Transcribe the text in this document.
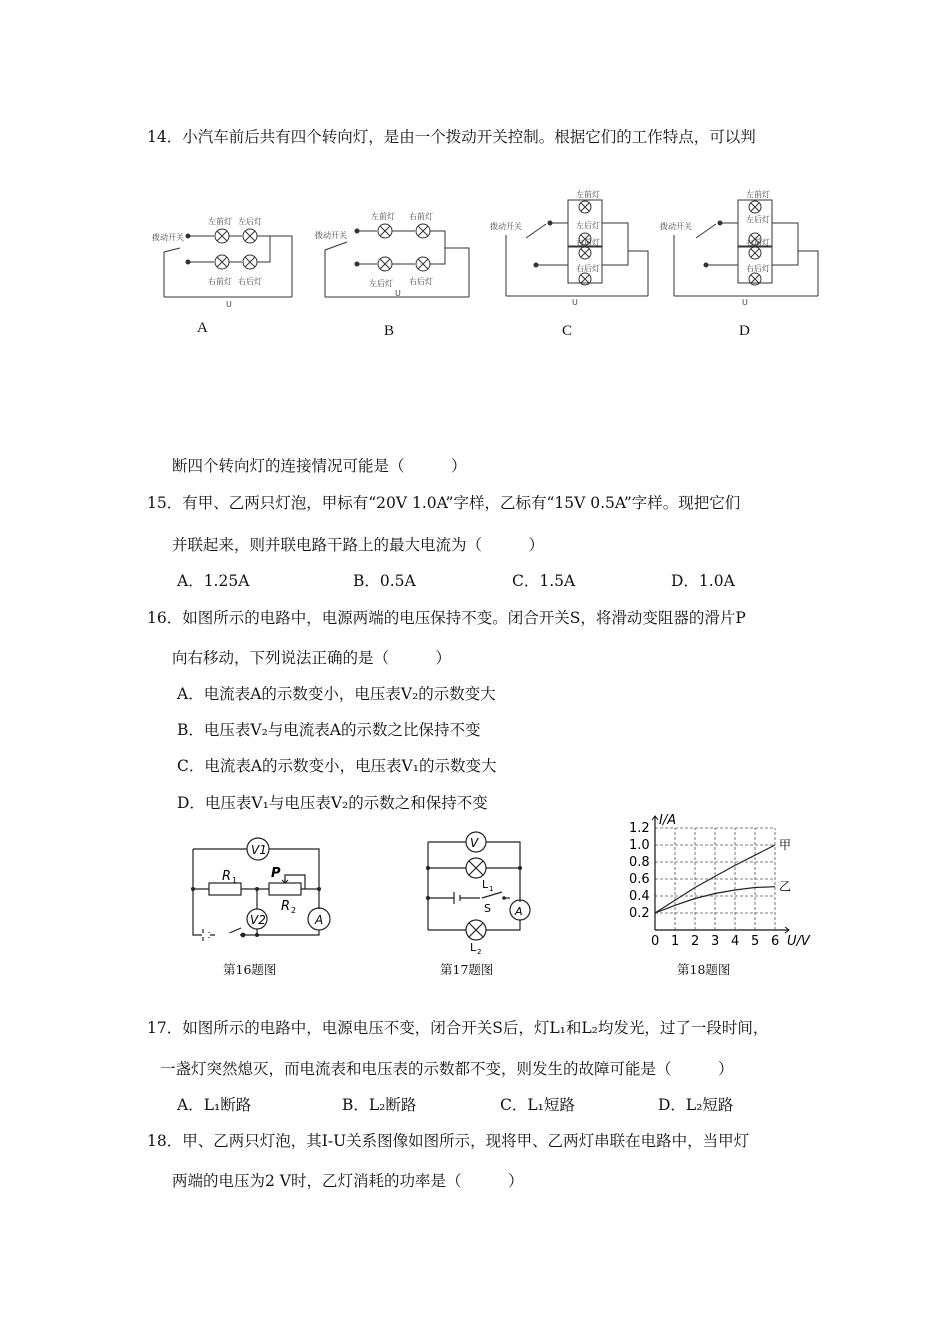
14．小汽车前后共有四个转向灯，是由一个拨动开关控制。根据它们的工作特点，可以判
拨动开关
左前灯 左后灯
右前灯 右后灯
U
拨动开关
左前灯 右前灯
左后灯 右后灯
U
拨动开关
左前灯
左后灯
右前灯
右后灯
U
拨动开关
左前灯
左后灯
右前灯
右后灯
U
A	B	C	D
断四个转向灯的连接情况可能是（　　　）
15．有甲、乙两只灯泡，甲标有“20V 1.0A”字样，乙标有“15V 0.5A”字样。现把它们
并联起来，则并联电路干路上的最大电流为（　　　）
A．1.25A	B．0.5A	C．1.5A	D．1.0A
16．如图所示的电路中，电源两端的电压保持不变。闭合开关S，将滑动变阻器的滑片P
向右移动，下列说法正确的是（　　　）
A．电流表A的示数变小，电压表V₂的示数变大
B．电压表V₂与电流表A的示数之比保持不变
C．电流表A的示数变小，电压表V₁的示数变大
D．电压表V₁与电压表V₂的示数之和保持不变
V1
R 1	P
R 2
V2	A
第16题图
V
L 1
S A
L 2
第17题图
0 1 2 3 4 5 6
0.2
0.4
0.6
0.8
1.0
1.2
U/V
I/A
甲
乙
第18题图
17．如图所示的电路中，电源电压不变，闭合开关S后，灯L₁和L₂均发光，过了一段时间，
一盏灯突然熄灭，而电流表和电压表的示数都不变，则发生的故障可能是（　　　）
A．L₁断路	B．L₂断路	C．L₁短路	D．L₂短路
18．甲、乙两只灯泡，其I-U关系图像如图所示，现将甲、乙两灯串联在电路中，当甲灯
两端的电压为2 V时，乙灯消耗的功率是（　　　）
